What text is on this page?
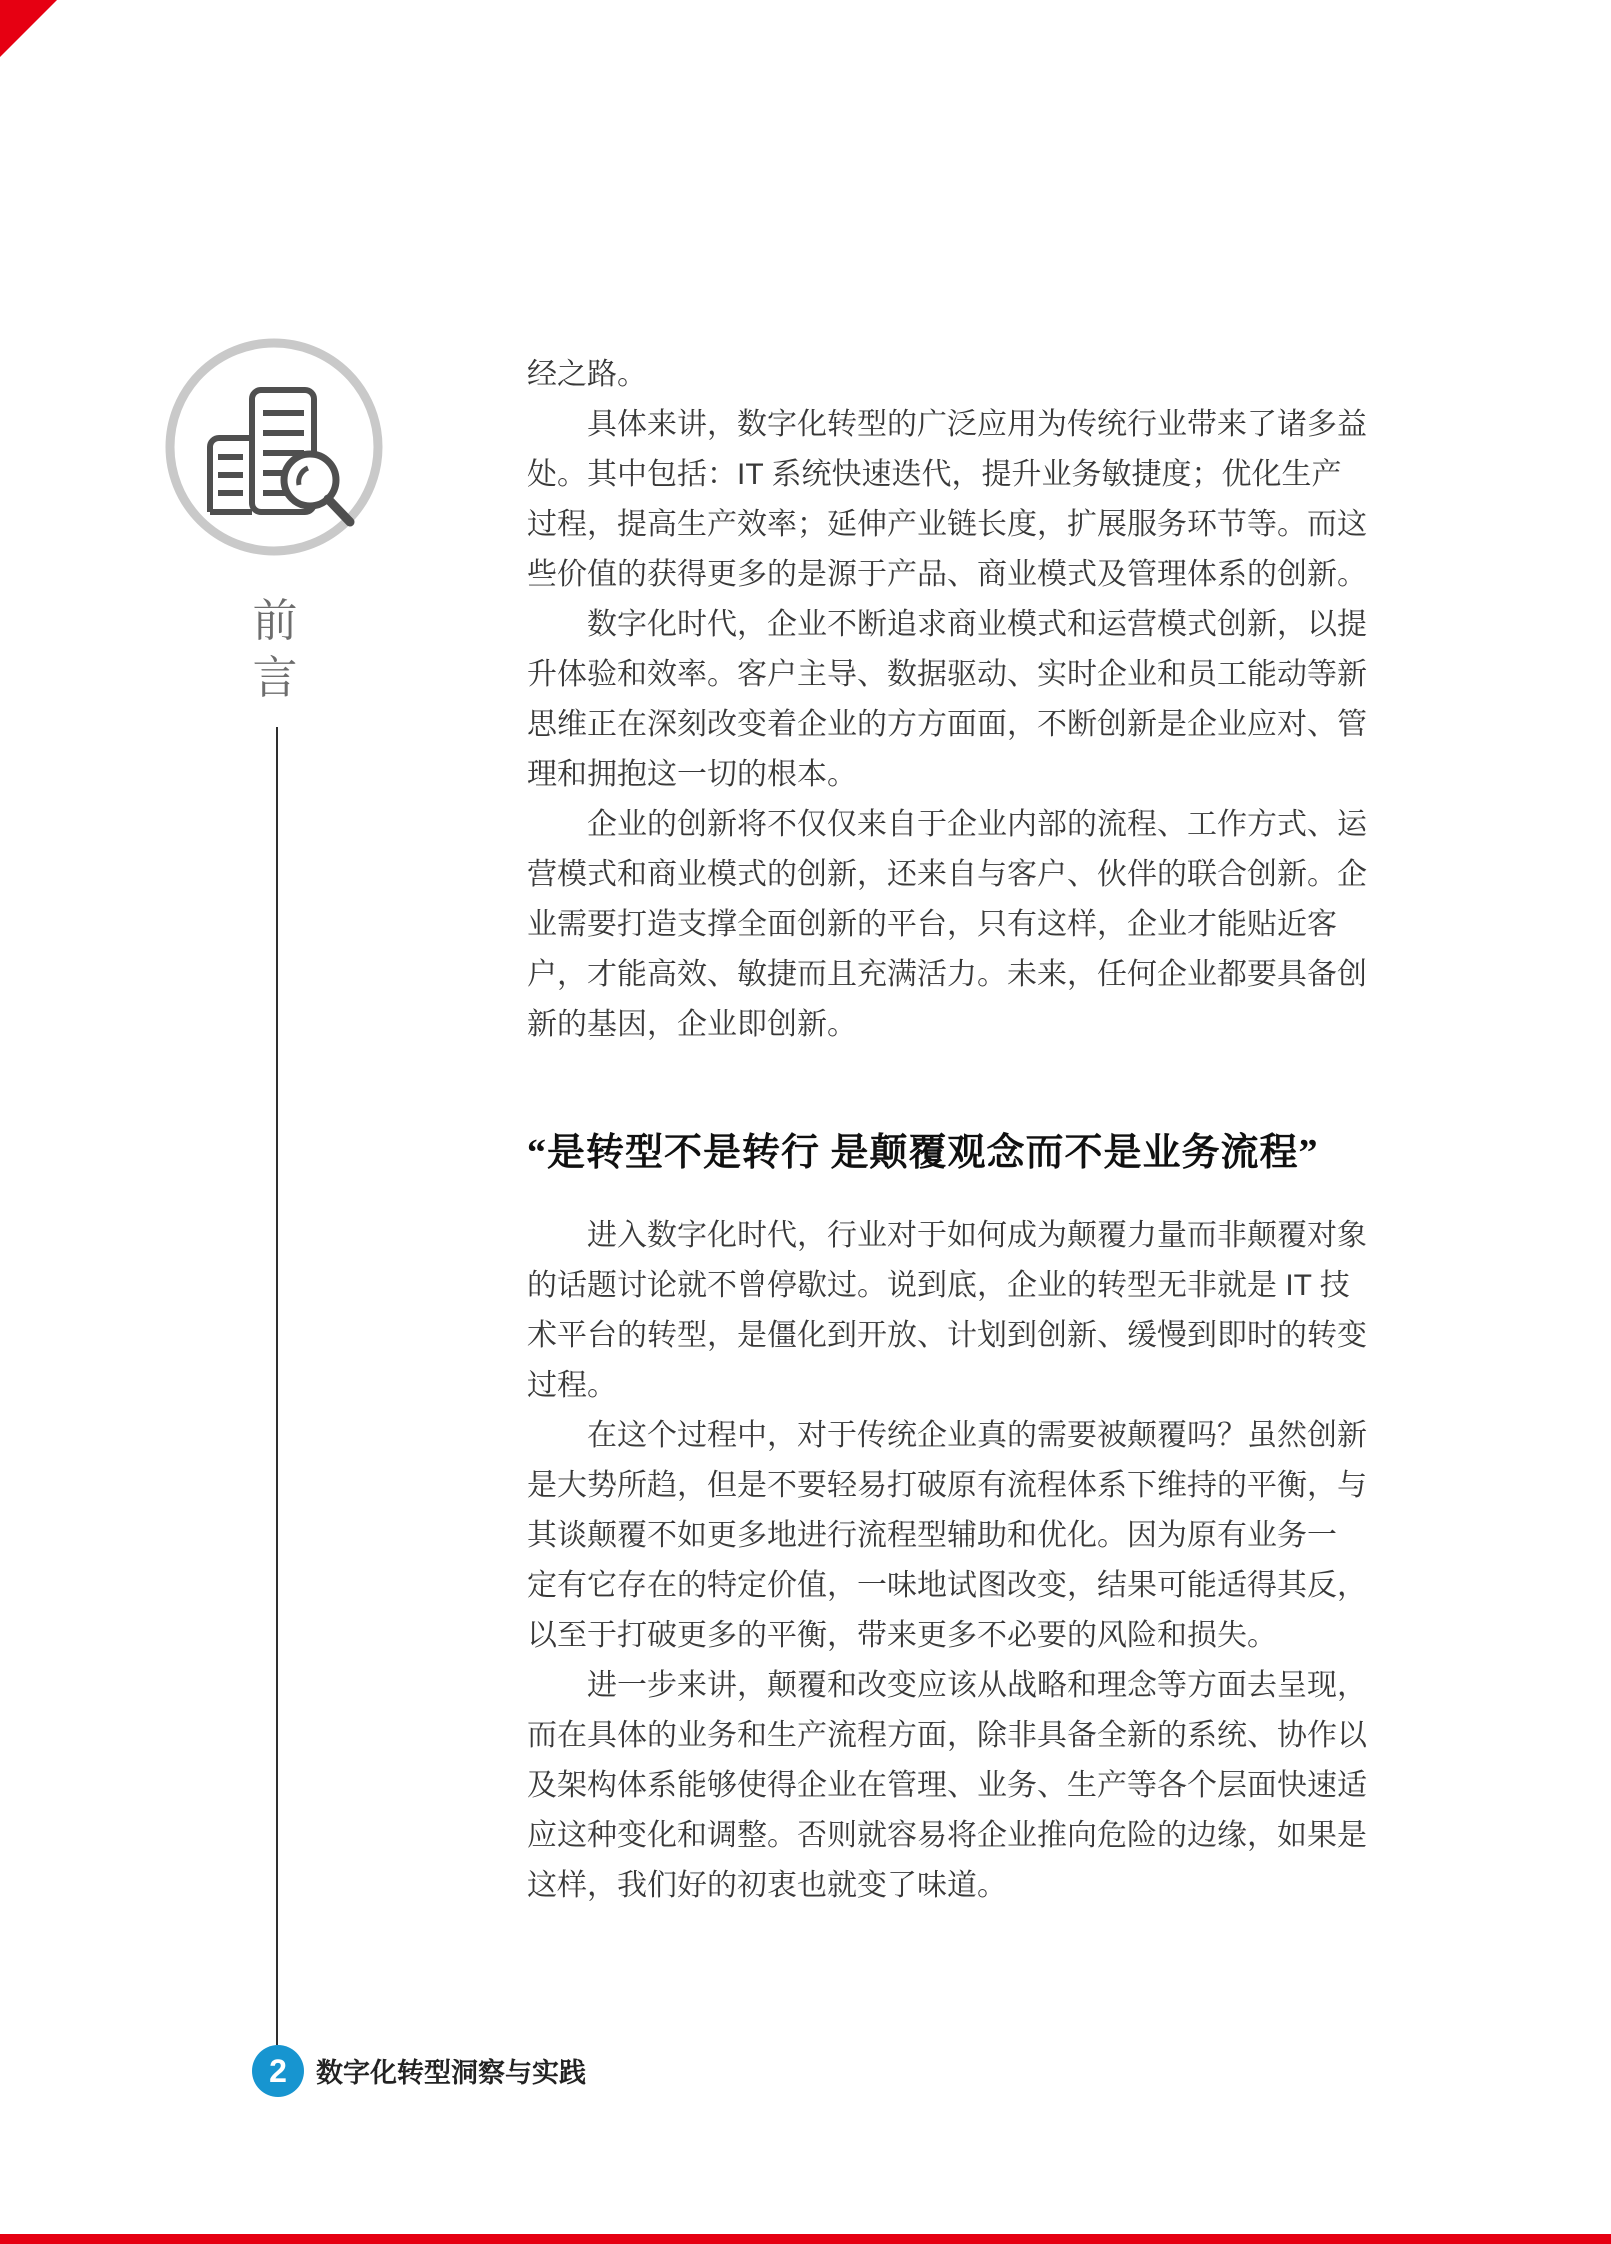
前言
经之路。
具体来讲，数字化转型的广泛应用为传统行业带来了诸多益
处。其中包括：IT 系统快速迭代，提升业务敏捷度；优化生产
过程，提高生产效率；延伸产业链长度，扩展服务环节等。而这
些价值的获得更多的是源于产品、商业模式及管理体系的创新。
数字化时代，企业不断追求商业模式和运营模式创新，以提
升体验和效率。客户主导、数据驱动、实时企业和员工能动等新
思维正在深刻改变着企业的方方面面，不断创新是企业应对、管
理和拥抱这一切的根本。
企业的创新将不仅仅来自于企业内部的流程、工作方式、运
营模式和商业模式的创新，还来自与客户、伙伴的联合创新。企
业需要打造支撑全面创新的平台，只有这样，企业才能贴近客
户，才能高效、敏捷而且充满活力。未来，任何企业都要具备创
新的基因，企业即创新。
“是转型不是转行 是颠覆观念而不是业务流程”
进入数字化时代，行业对于如何成为颠覆力量而非颠覆对象
的话题讨论就不曾停歇过。说到底，企业的转型无非就是 IT 技
术平台的转型，是僵化到开放、计划到创新、缓慢到即时的转变
过程。
在这个过程中，对于传统企业真的需要被颠覆吗？虽然创新
是大势所趋，但是不要轻易打破原有流程体系下维持的平衡，与
其谈颠覆不如更多地进行流程型辅助和优化。因为原有业务一
定有它存在的特定价值，一味地试图改变，结果可能适得其反，
以至于打破更多的平衡，带来更多不必要的风险和损失。
进一步来讲，颠覆和改变应该从战略和理念等方面去呈现，
而在具体的业务和生产流程方面，除非具备全新的系统、协作以
及架构体系能够使得企业在管理、业务、生产等各个层面快速适
应这种变化和调整。否则就容易将企业推向危险的边缘，如果是
这样，我们好的初衷也就变了味道。
2	数字化转型洞察与实践
